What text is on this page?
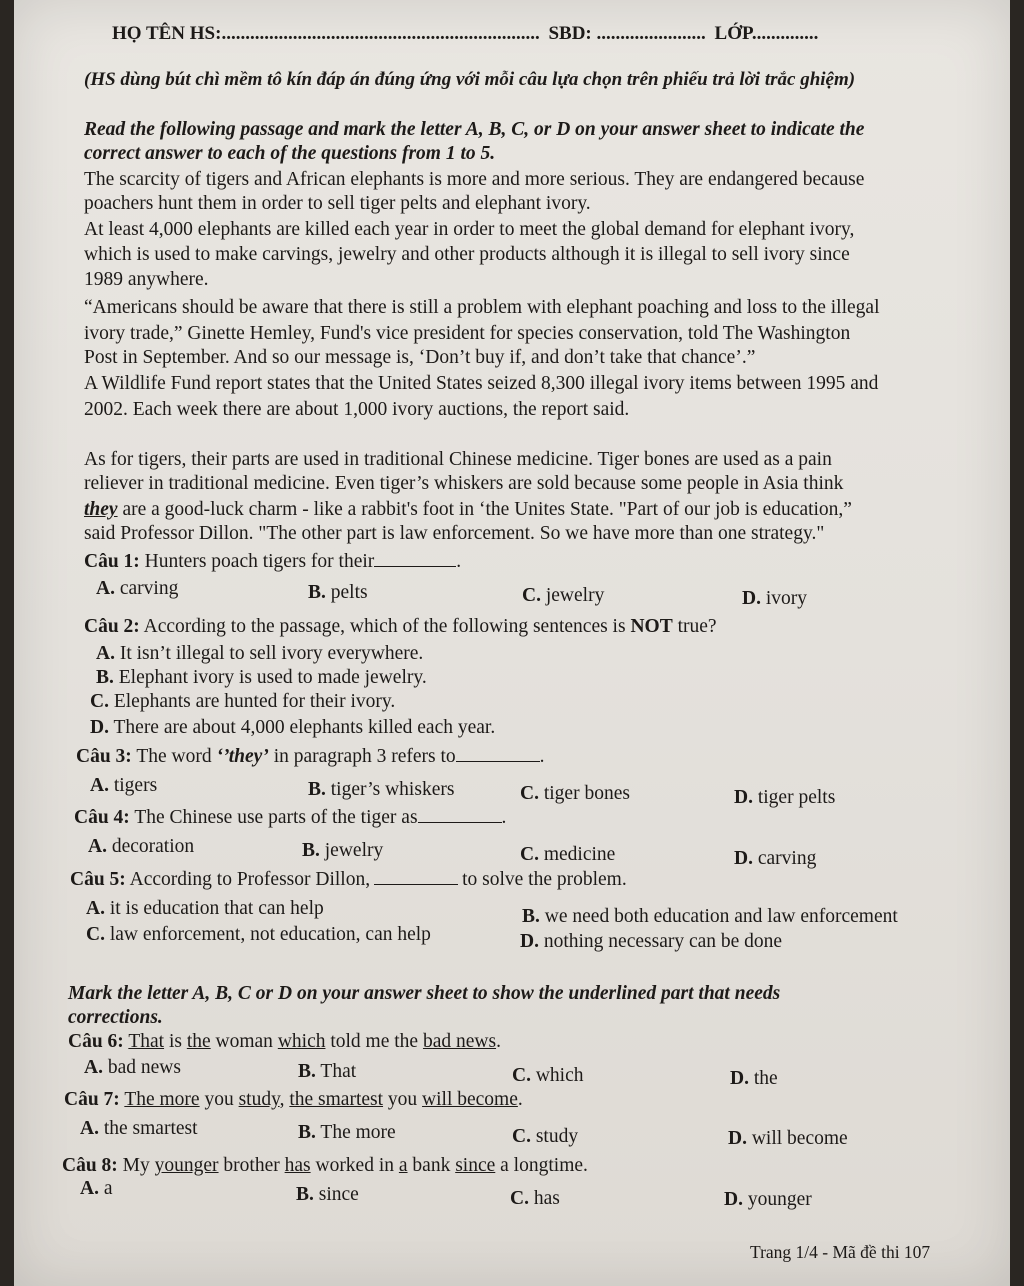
HỌ TÊN HS:................................................................... SBD: ....................... LỚP..............
(HS dùng bút chì mềm tô kín đáp án đúng ứng với mỗi câu lựa chọn trên phiếu trả lời trắc ghiệm)
Read the following passage and mark the letter A, B, C, or D on your answer sheet to indicate the
correct answer to each of the questions from 1 to 5.
The scarcity of tigers and African elephants is more and more serious. They are endangered because
poachers hunt them in order to sell tiger pelts and elephant ivory.
At least 4,000 elephants are killed each year in order to meet the global demand for elephant ivory,
which is used to make carvings, jewelry and other products although it is illegal to sell ivory since
1989 anywhere.
“Americans should be aware that there is still a problem with elephant poaching and loss to the illegal
ivory trade,” Ginette Hemley, Fund's vice president for species conservation, told The Washington
Post in September. And so our message is, ‘Don’t buy if, and don’t take that chance’.”
A Wildlife Fund report states that the United States seized 8,300 illegal ivory items between 1995 and
2002. Each week there are about 1,000 ivory auctions, the report said.
As for tigers, their parts are used in traditional Chinese medicine. Tiger bones are used as a pain
reliever in traditional medicine. Even tiger’s whiskers are sold because some people in Asia think
they are a good-luck charm - like a rabbit's foot in ‘the Unites State. "Part of our job is education,”
said Professor Dillon. "The other part is law enforcement. So we have more than one strategy."
Câu 1: Hunters poach tigers for their	.
A. carving	B. pelts	C. jewelry	D. ivory
Câu 2: According to the passage, which of the following sentences is NOT true?
A. It isn’t illegal to sell ivory everywhere.
B. Elephant ivory is used to made jewelry.
C. Elephants are hunted for their ivory.
D. There are about 4,000 elephants killed each year.
Câu 3: The word ‘’they’ in paragraph 3 refers to	.
A. tigers	B. tiger’s whiskers	C. tiger bones	D. tiger pelts
Câu 4: The Chinese use parts of the tiger as	.
A. decoration	B. jewelry	C. medicine	D. carving
Câu 5: According to Professor Dillon,	to solve the problem.
A. it is education that can help	B. we need both education and law enforcement
C. law enforcement, not education, can help	D. nothing necessary can be done
Mark the letter A, B, C or D on your answer sheet to show the underlined part that needs
corrections.
Câu 6: That is the woman which told me the bad news.
A. bad news	B. That	C. which	D. the
Câu 7: The more you study, the smartest you will become.
A. the smartest	B. The more	C. study	D. will become
Câu 8: My younger brother has worked in a bank since a longtime.
A. a	B. since	C. has	D. younger
Trang 1/4 - Mã đề thi 107
